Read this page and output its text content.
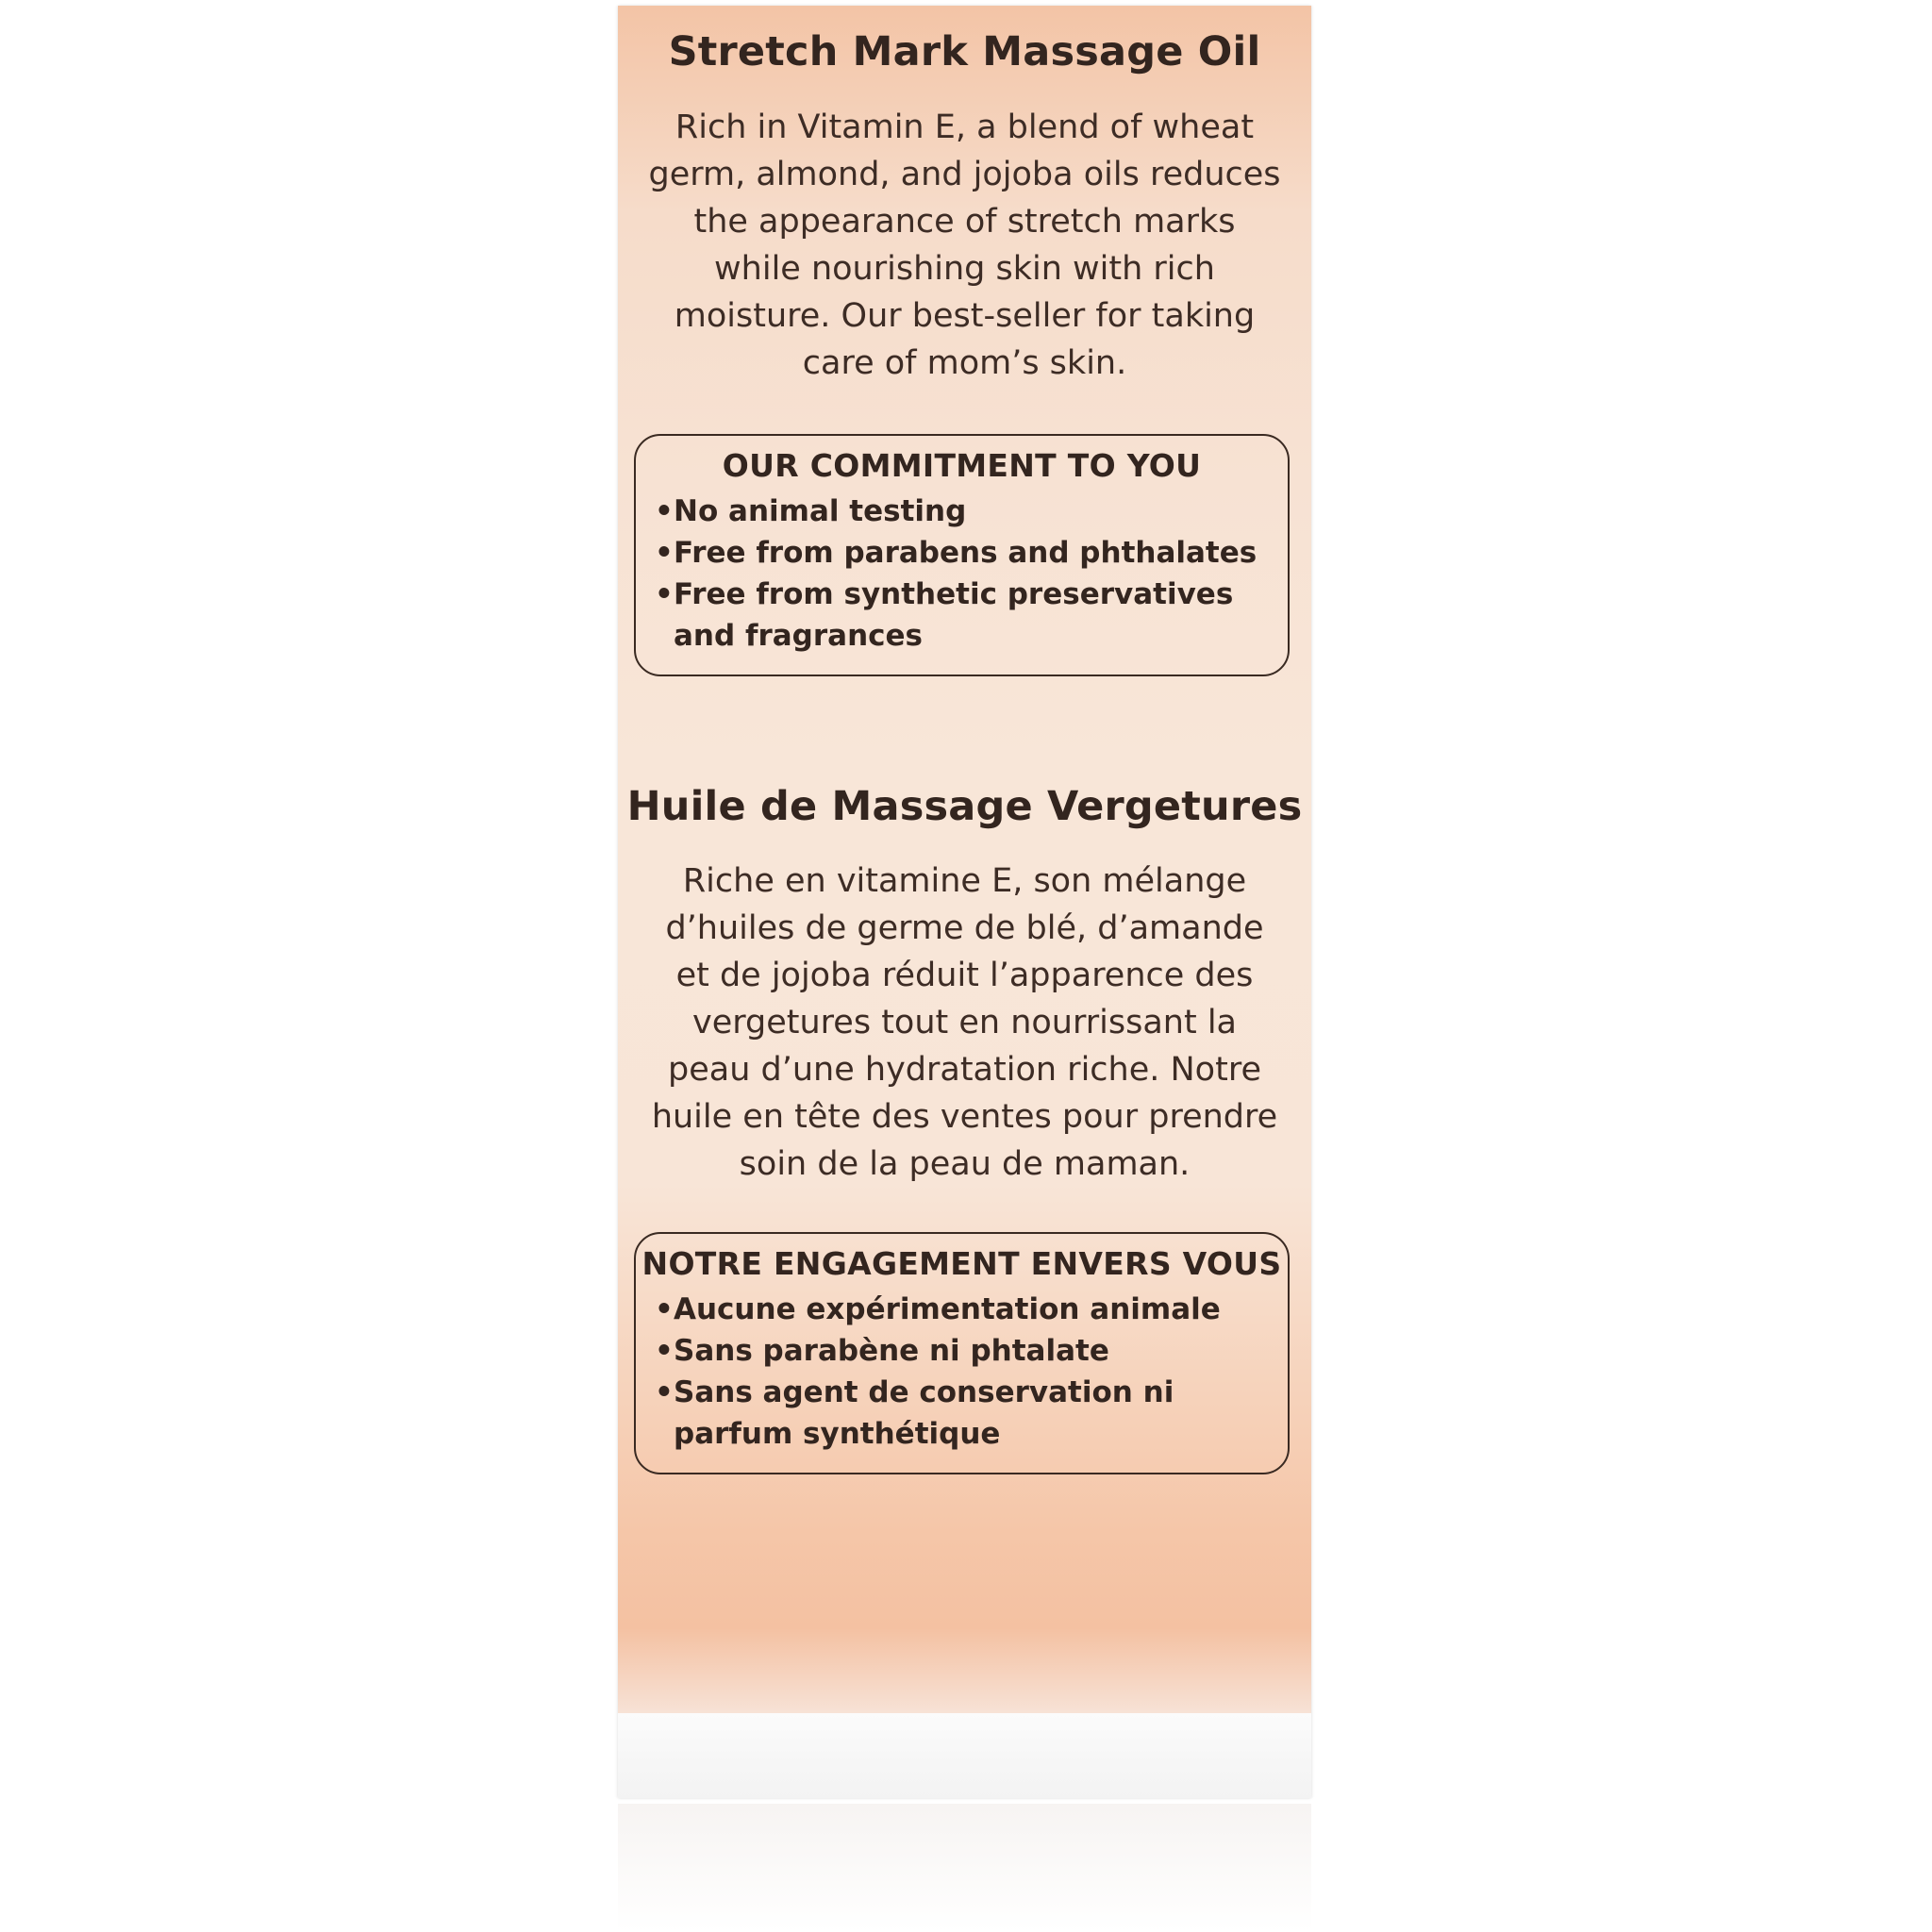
Stretch Mark Massage Oil

Rich in Vitamin E, a blend of wheat germ, almond, and jojoba oils reduces the appearance of stretch marks while nourishing skin with rich moisture. Our best-seller for taking care of mom’s skin.

OUR COMMITMENT TO YOU
•No animal testing
•Free from parabens and phthalates
•Free from synthetic preservatives and fragrances
Huile de Massage Vergetures

Riche en vitamine E, son mélange d’huiles de germe de blé, d’amande et de jojoba réduit l’apparence des vergetures tout en nourrissant la peau d’une hydratation riche. Notre huile en tête des ventes pour prendre soin de la peau de maman.

NOTRE ENGAGEMENT ENVERS VOUS
•Aucune expérimentation animale
•Sans parabène ni phtalate
•Sans agent de conservation ni parfum synthétique
